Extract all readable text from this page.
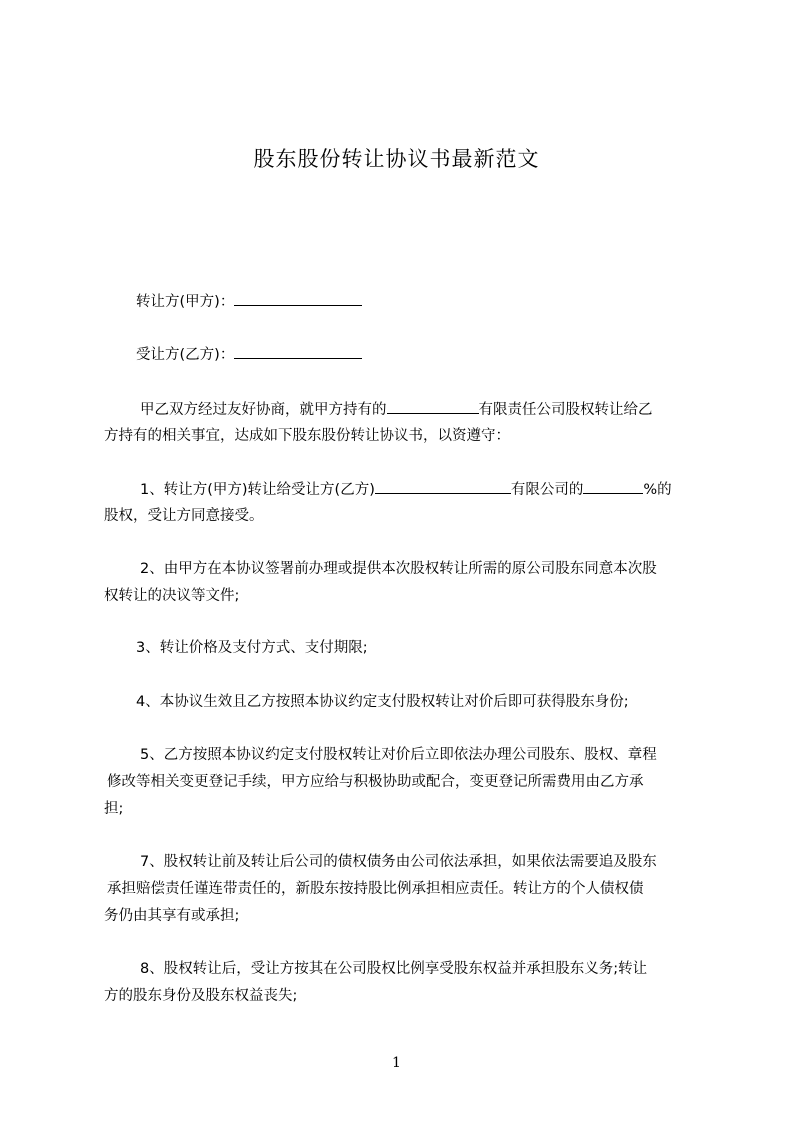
股东股份转让协议书最新范文
转让方(甲方)：
受让方(乙方)：
甲乙双方经过友好协商，就甲方持有的	有限责任公司股权转让给乙
方持有的相关事宜，达成如下股东股份转让协议书，以资遵守：
1、转让方(甲方)转让给受让方(乙方)	有限公司的	%的
股权，受让方同意接受。
2、由甲方在本协议签署前办理或提供本次股权转让所需的原公司股东同意本次股
权转让的决议等文件;
3、转让价格及支付方式、支付期限;
4、本协议生效且乙方按照本协议约定支付股权转让对价后即可获得股东身份;
5、乙方按照本协议约定支付股权转让对价后立即依法办理公司股东、股权、章程
修改等相关变更登记手续，甲方应给与积极协助或配合，变更登记所需费用由乙方承
担;
7、股权转让前及转让后公司的债权债务由公司依法承担，如果依法需要追及股东
承担赔偿责任谨连带责任的，新股东按持股比例承担相应责任。转让方的个人债权债
务仍由其享有或承担;
8、股权转让后，受让方按其在公司股权比例享受股东权益并承担股东义务;转让
方的股东身份及股东权益丧失;
1
